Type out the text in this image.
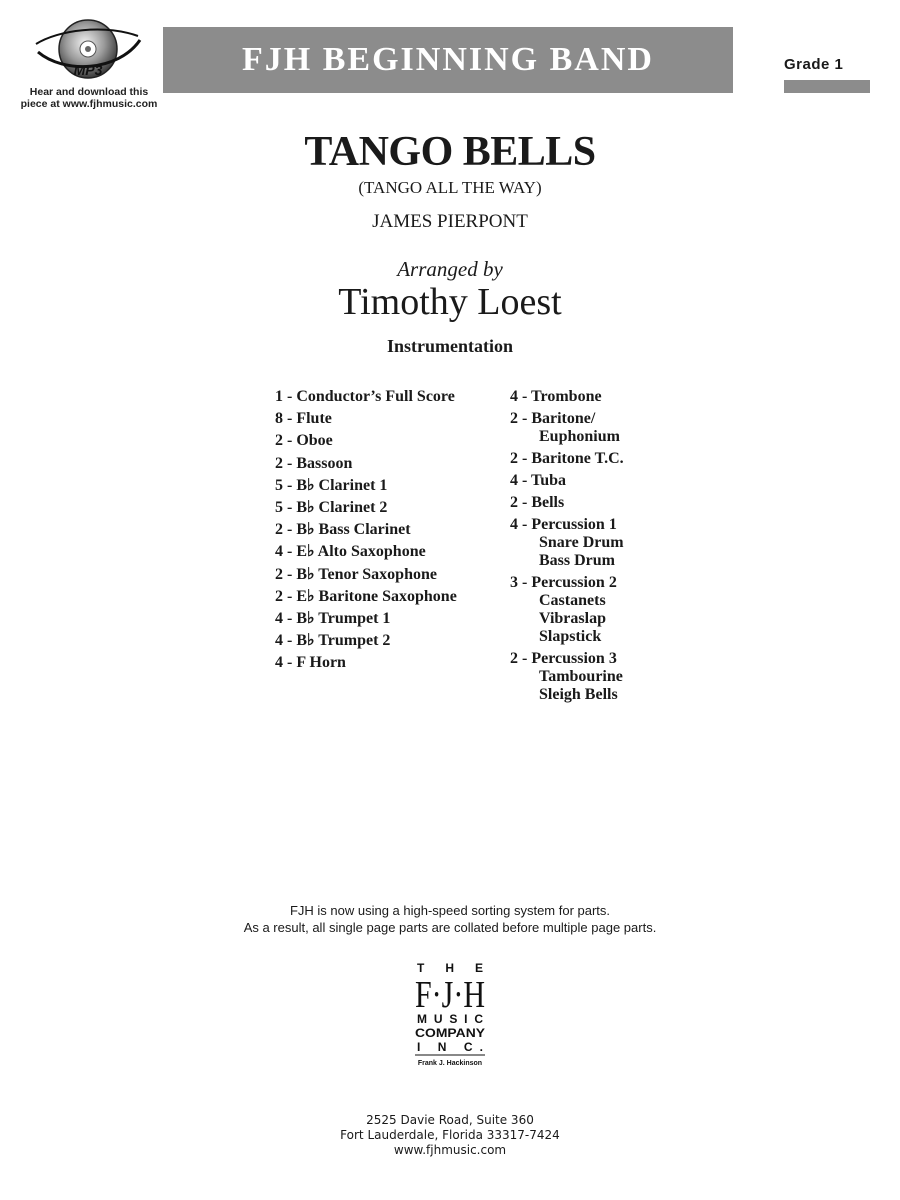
MP3
Hear and download this
piece at www.fjhmusic.com
FJH BEGINNING BAND	Grade 1
TANGO BELLS
(TANGO ALL THE WAY)
JAMES PIERPONT
Arranged by
Timothy Loest
Instrumentation
1 - Conductor’s Full Score
8 - Flute
2 - Oboe
2 - Bassoon
5 - B♭ Clarinet 1
5 - B♭ Clarinet 2
2 - B♭ Bass Clarinet
4 - E♭ Alto Saxophone
2 - B♭ Tenor Saxophone
2 - E♭ Baritone Saxophone
4 - B♭ Trumpet 1
4 - B♭ Trumpet 2
4 - F Horn
4 - Trombone
2 - Baritone/
Euphonium
2 - Baritone T.C.
4 - Tuba
2 - Bells
4 - Percussion 1
Snare Drum
Bass Drum
3 - Percussion 2
Castanets
Vibraslap
Slapstick
2 - Percussion 3
Tambourine
Sleigh Bells
FJH is now using a high-speed sorting system for parts.
As a result, all single page parts are collated before multiple page parts.
T H E
F·J·H
MUSIC
COMPANY
I N C.
Frank J. Hackinson
2525 Davie Road, Suite 360
Fort Lauderdale, Florida 33317-7424
www.fjhmusic.com
